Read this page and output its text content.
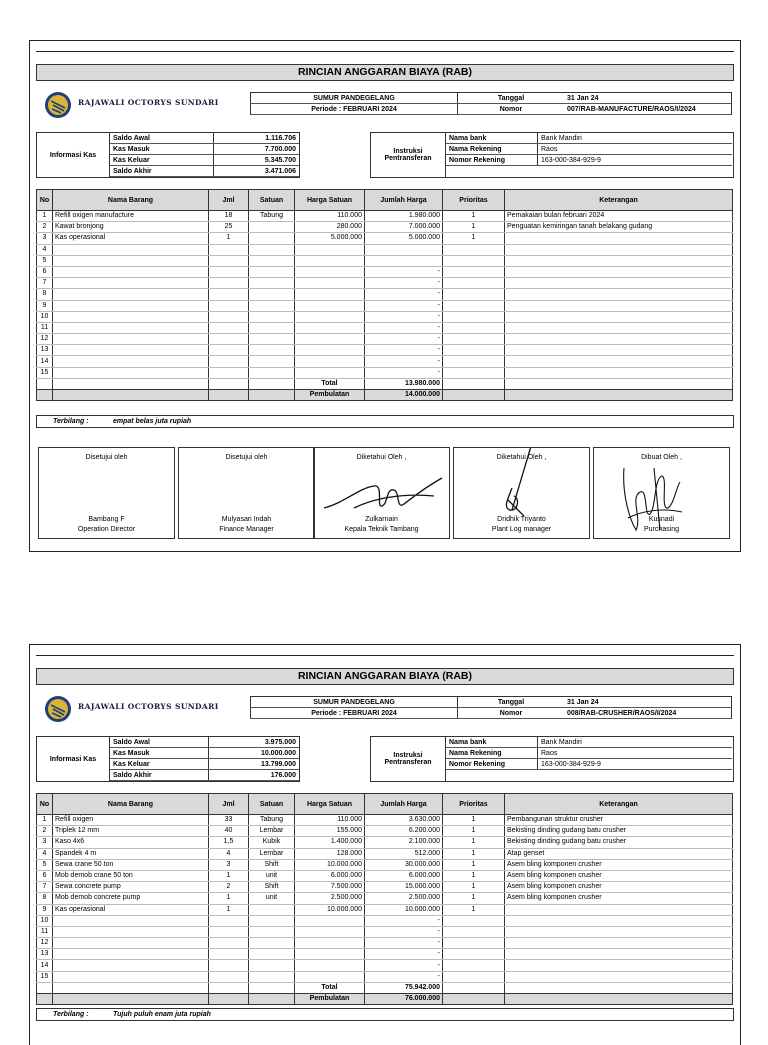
RINCIAN ANGGARAN BIAYA (RAB)
RAJAWALI OCTORYS SUNDARI	SUMUR PANDEGELANG	Tanggal	31 Jan 24
Periode : FEBRUARI 2024	Nomor	007/RAB-MANUFACTURE/RAOS/I/2024
Informasi Kas
Saldo Awal	1.116.706
Kas Masuk	7.700.000
Kas Keluar	5.345.700
Saldo Akhir	3.471.006
Instruksi Pentransferan
Nama bank	Bank Mandiri
Nama Rekening	Raos
Nomor Rekening	163-000-384-929-9
No	Nama Barang	Jml	Satuan	Harga Satuan	Jumlah Harga	Prioritas	Keterangan
1	Refill oxigen manufacture	18	Tabung	110.000	1.980.000	1	Pemakaian bulan februari 2024
2	Kawat bronjong	25		280.000	7.000.000	1	Penguatan kemiringan tanah belakang gudang
3	Kas operasional	1		5.000.000	5.000.000	1	
4							
5							
6					-		
7					-		
8					-		
9					-		
10					-		
11					-		
12					-		
13					-		
14					-		
15					-		
				Total	13.980.000		
				Pembulatan	14.000.000		
Terbilang :	empat belas juta rupiah
Disetujui oleh
Bambang F
Operation Director
Disetujui oleh
Mulyasari Indah
Finance Manager
Diketahui Oleh ,
Zulkarnain
Kepala Teknik Tambang
Diketahui Oleh ,
Dridhik Triyanto
Plant Log manager
Dibuat Oleh ,
Kusnadi
Purchasing
RINCIAN ANGGARAN BIAYA (RAB)
RAJAWALI OCTORYS SUNDARI	SUMUR PANDEGELANG	Tanggal	31 Jan 24
Periode : FEBRUARI 2024	Nomor	008/RAB-CRUSHER/RAOS/I/2024
Informasi Kas
Saldo Awal	3.975.000
Kas Masuk	10.000.000
Kas Keluar	13.799.000
Saldo Akhir	176.000
Instruksi Pentransferan
Nama bank	Bank Mandiri
Nama Rekening	Raos
Nomor Rekening	163-000-384-929-9
No	Nama Barang	Jml	Satuan	Harga Satuan	Jumlah Harga	Prioritas	Keterangan
1	Refill oxigen	33	Tabung	110.000	3.630.000	1	Pembangunan struktur crusher
2	Triplek 12 mm	40	Lembar	155.000	6.200.000	1	Bekisting dinding gudang batu crusher
3	Kaso 4x6	1,5	Kubik	1.400.000	2.100.000	1	Bekisting dinding gudang batu crusher
4	Spandek 4 m	4	Lembar	128.000	512.000	1	Atap genset
5	Sewa crane 50 ton	3	Shift	10.000.000	30.000.000	1	Asem bling komponen crusher
6	Mob demob crane 50 ton	1	unit	6.000.000	6.000.000	1	Asem bling komponen crusher
7	Sewa concrete pump	2	Shift	7.500.000	15.000.000	1	Asem bling komponen crusher
8	Mob demob concrete pump	1	unit	2.500.000	2.500.000	1	Asem bling komponen crusher
9	Kas operasional	1		10.000.000	10.000.000	1	
10					-		
11					-		
12					-		
13					-		
14					-		
15					-		
				Total	75.942.000		
				Pembulatan	76.000.000		
Terbilang :	Tujuh puluh enam juta rupiah
